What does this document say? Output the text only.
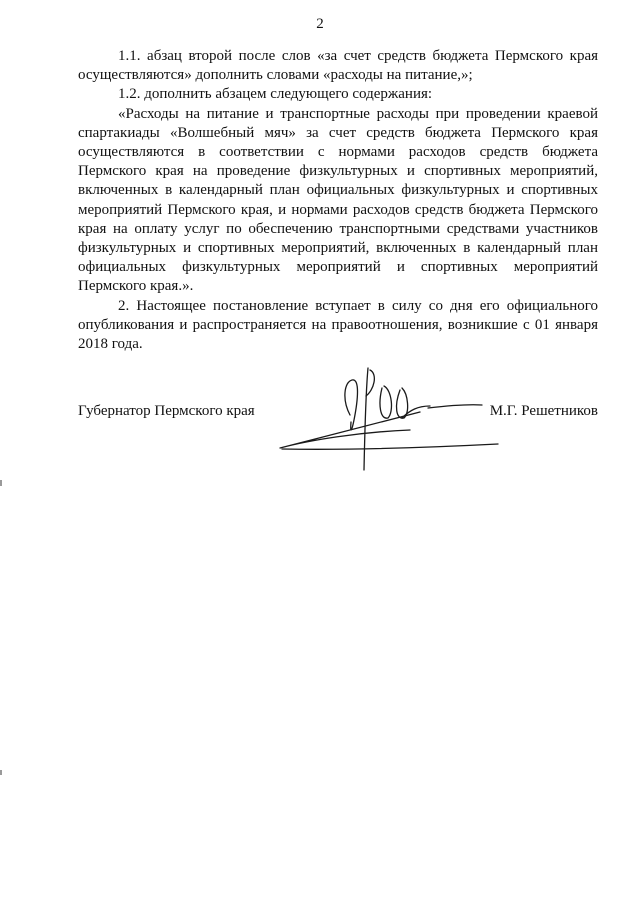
2

1.1. абзац второй после слов «за счет средств бюджета Пермского края осуществляются» дополнить словами «расходы на питание,»;

1.2. дополнить абзацем следующего содержания:

«Расходы на питание и транспортные расходы при проведении краевой спартакиады «Волшебный мяч» за счет средств бюджета Пермского края осуществляются в соответствии с нормами расходов средств бюджета Пермского края на проведение физкультурных и спортивных мероприятий, включенных в календарный план официальных физкультурных и спортивных мероприятий Пермского края, и нормами расходов средств бюджета Пермского края на оплату услуг по обеспечению транспортными средствами участников физкультурных и спортивных мероприятий, включенных в календарный план официальных физкультурных мероприятий и спортивных мероприятий Пермского края.».

2. Настоящее постановление вступает в силу со дня его официального опубликования и распространяется на правоотношения, возникшие с 01 января 2018 года.

Губернатор Пермского края	М.Г. Решетников
